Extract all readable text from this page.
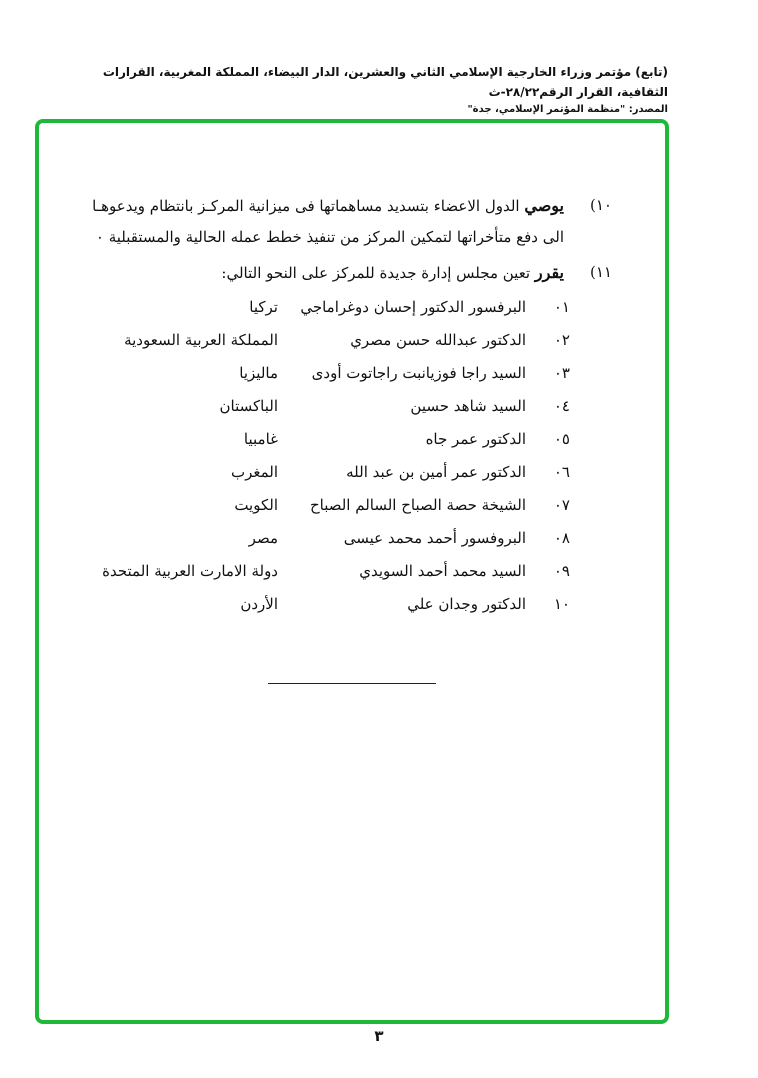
(تابع) مؤتمر وزراء الخارجية الإسلامي الثاني والعشرين، الدار البيضاء، المملكة المغربية، القرارات الثقافية، القرار الرقم٢٨/٢٢-ث
المصدر: "منظمة المؤتمر الإسلامي، جدة"
١٠)
يوصي الدول الاعضاء بتسديد مساهماتها فى ميزانية المركـز بانتظام ويدعوهـا
الى دفع متأخراتها لتمكين المركز من تنفيذ خطط عمله الحالية والمستقبلية ٠
١١)
يقرر تعين مجلس إدارة جديدة للمركز على النحو التالي:
٠١
البرفسور الدكتور إحسان دوغراماجي
تركيا
٠٢
الدكتور عبدالله حسن مصري
المملكة العربية السعودية
٠٣
السيد راجا فوزيانبت راجاتوت أودى
ماليزيا
٠٤
السيد شاهد حسين
الباكستان
٠٥
الدكتور عمر جاه
غامبيا
٠٦
الدكتور عمر أمين بن عبد الله
المغرب
٠٧
الشيخة حصة الصباح السالم الصباح
الكويت
٠٨
البروفسور أحمد محمد عيسى
مصر
٠٩
السيد محمد أحمد السويدي
دولة الامارت العربية المتحدة
١٠
الدكتور وجدان علي
الأردن
٣
